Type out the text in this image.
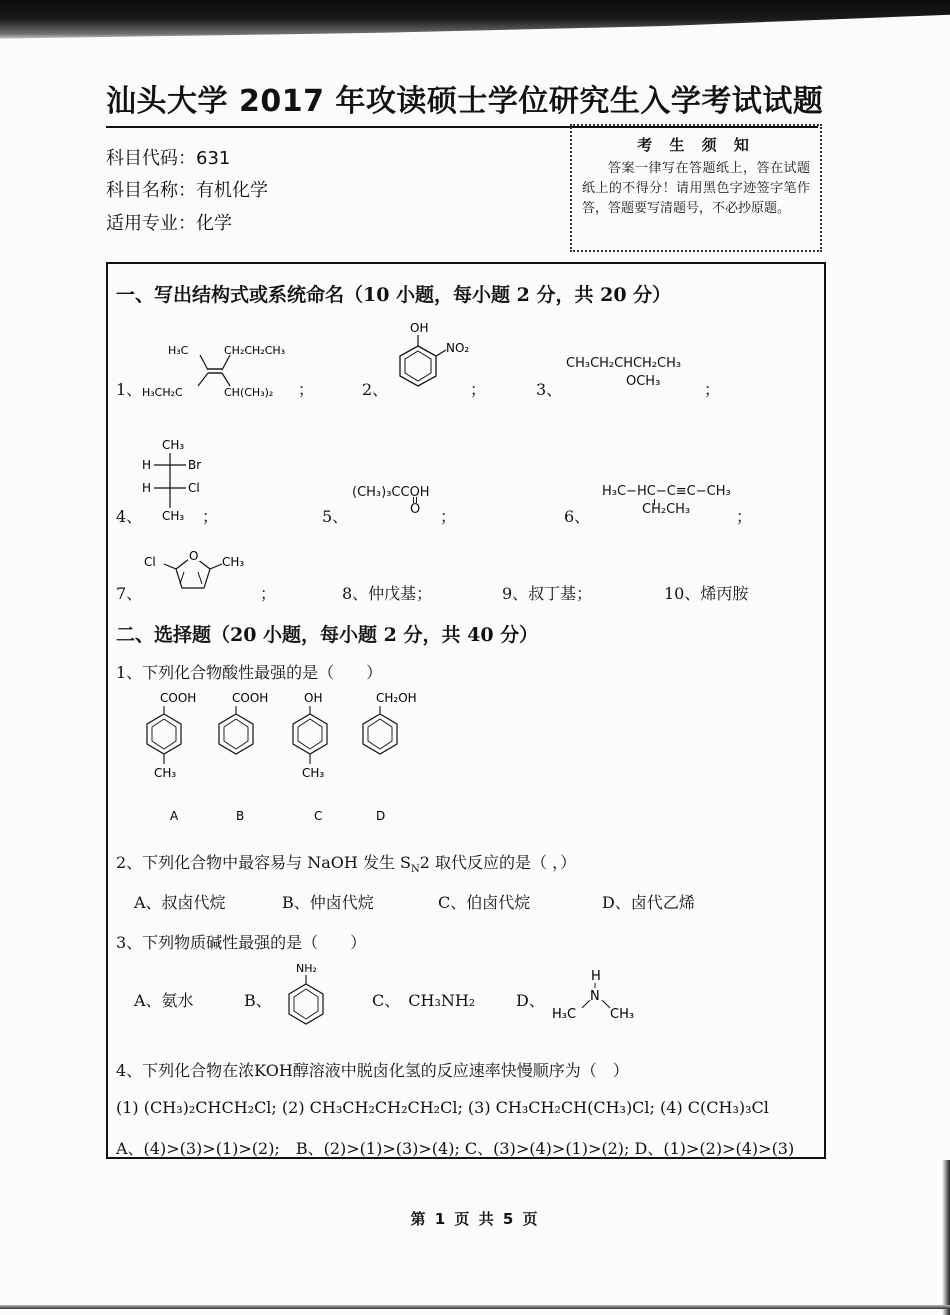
汕头大学 2017 年攻读硕士学位研究生入学考试试题
科目代码：631
科目名称：有机化学
适用专业：化学
考 生 须 知

答案一律写在答题纸上，答在试题纸上的不得分！请用黑色字迹签字笔作答，答题要写清题号，不必抄原题。

一、写出结构式或系统命名（10 小题，每小题 2 分，共 20 分）
1、
H₃C	CH₂CH₂CH₃
H₃CH₂C	CH(CH₃)₂ ；	2、
OH
NO₂
；	3、
CH₃CH₂CHCH₂CH₃
OCH₃	；
4、
CH₃
H	Br
H	Cl
CH₃ ；	5、
(CH₃)₃CCOH
O ；	6、
H₃C−HC−C≡C−CH₃
CH₂CH₃	；
7、
O
Cl	CH₃
；	8、仲戊基；	9、叔丁基；	10、烯丙胺
二、选择题（20 小题，每小题 2 分，共 40 分）
1、下列化合物酸性最强的是（　　）
COOH
CH₃
A
COOH
B
OH
CH₃
C
CH₂OH
D
2、下列化合物中最容易与 NaOH 发生 $S_N2$ 取代反应的是（ ，）
A、叔卤代烷	B、仲卤代烷	C、伯卤代烷	D、卤代乙烯
3、下列物质碱性最强的是（　　）
A、氨水	B、
NH₂
C、　CH₃NH₂	D、
H
N
H₃C	CH₃
4、下列化合物在浓KOH醇溶液中脱卤化氢的反应速率快慢顺序为（　）
(1) (CH₃)₂CHCH₂Cl; (2) CH₃CH₂CH₂CH₂Cl; (3) CH₃CH₂CH(CH₃)Cl; (4) C(CH₃)₃Cl
A、(4)>(3)>(1)>(2);　B、(2)>(1)>(3)>(4); C、(3)>(4)>(1)>(2); D、(1)>(2)>(4)>(3)
第 1 页 共 5 页
